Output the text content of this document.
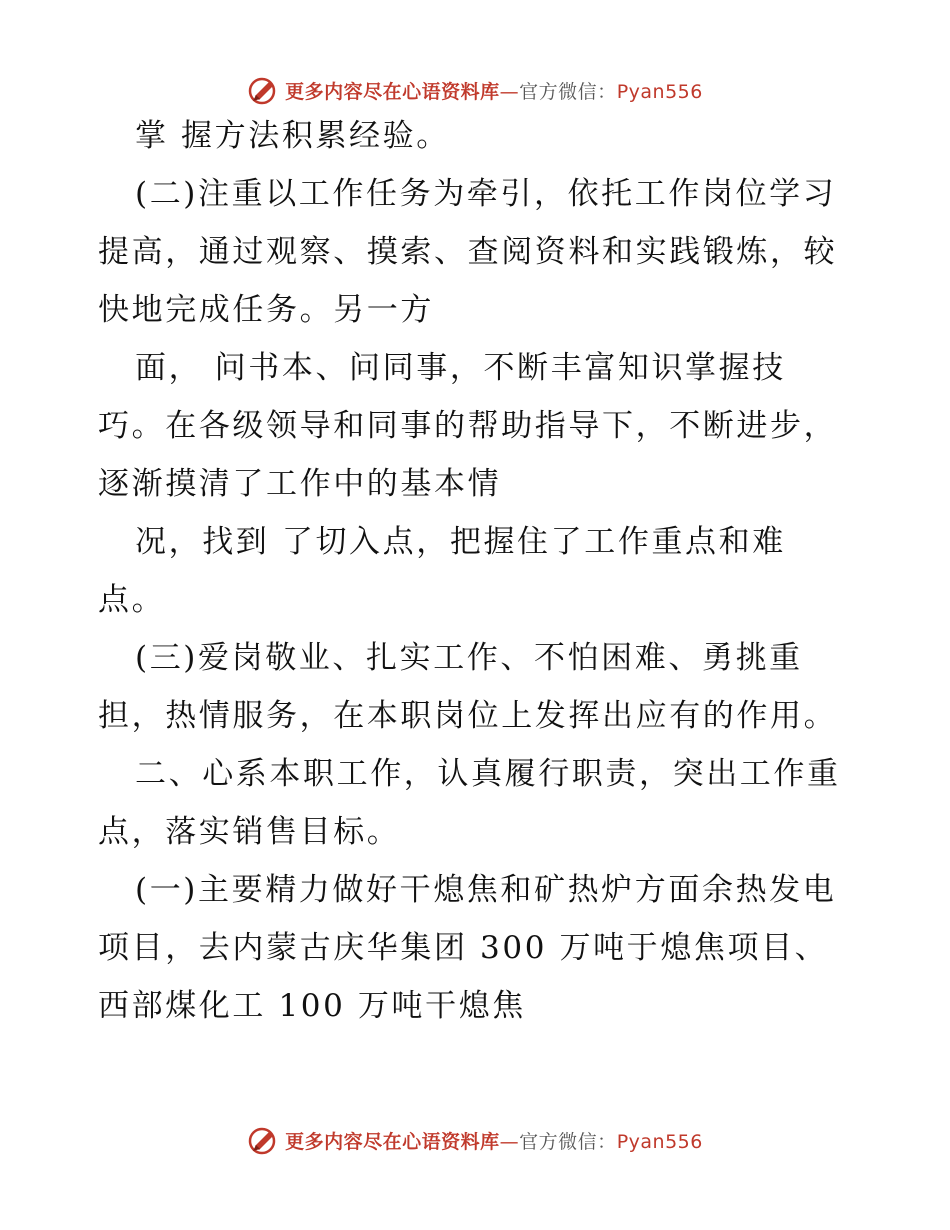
更多内容尽在心语资料库—官方微信：Pyan556
掌 握方法积累经验。
(二)注重以工作任务为牵引，依托工作岗位学习
提高，通过观察、摸索、查阅资料和实践锻炼，较
快地完成任务。另一方
面， 问书本、问同事，不断丰富知识掌握技
巧。在各级领导和同事的帮助指导下，不断进步，
逐渐摸清了工作中的基本情
况，找到 了切入点，把握住了工作重点和难
点。
(三)爱岗敬业、扎实工作、不怕困难、勇挑重
担，热情服务，在本职岗位上发挥出应有的作用。
二、心系本职工作，认真履行职责，突出工作重
点，落实销售目标。
(一)主要精力做好干熄焦和矿热炉方面余热发电
项目，去内蒙古庆华集团 300 万吨于熄焦项目、
西部煤化工 100 万吨干熄焦
更多内容尽在心语资料库—官方微信：Pyan556
